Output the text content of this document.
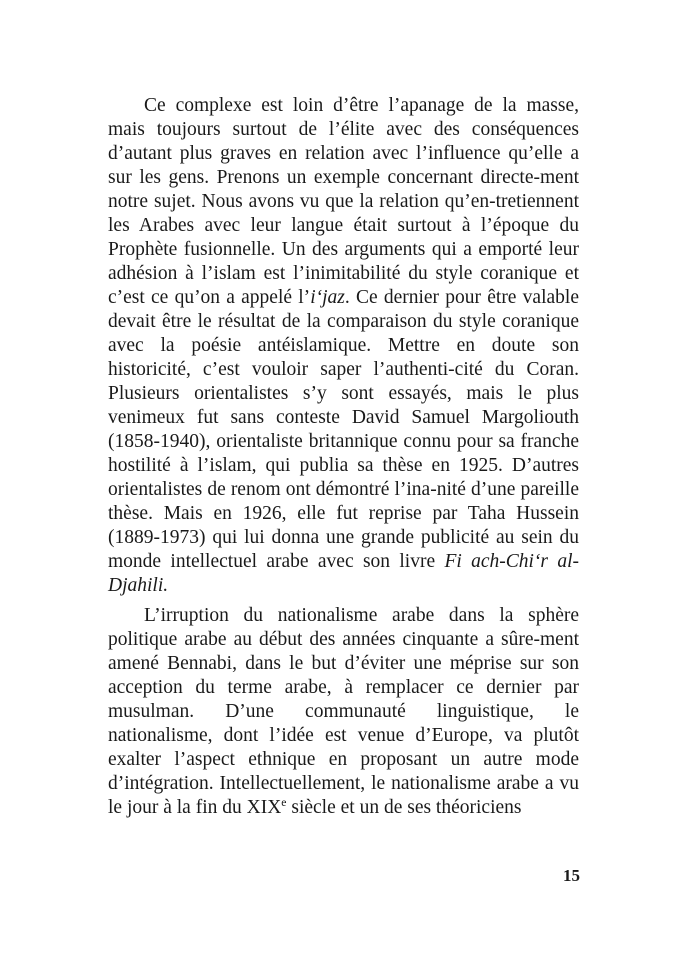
Ce complexe est loin d’être l’apanage de la masse, mais toujours surtout de l’élite avec des conséquences d’autant plus graves en relation avec l’influence qu’elle a sur les gens. Prenons un exemple concernant directe-ment notre sujet. Nous avons vu que la relation qu’en-tretiennent les Arabes avec leur langue était surtout à l’époque du Prophète fusionnelle. Un des arguments qui a emporté leur adhésion à l’islam est l’inimitabilité du style coranique et c’est ce qu’on a appelé l’i‘jaz. Ce dernier pour être valable devait être le résultat de la comparaison du style coranique avec la poésie antéislamique. Mettre en doute son historicité, c’est vouloir saper l’authenti-cité du Coran. Plusieurs orientalistes s’y sont essayés, mais le plus venimeux fut sans conteste David Samuel Margoliouth (1858-1940), orientaliste britannique connu pour sa franche hostilité à l’islam, qui publia sa thèse en 1925. D’autres orientalistes de renom ont démontré l’ina-nité d’une pareille thèse. Mais en 1926, elle fut reprise par Taha Hussein (1889-1973) qui lui donna une grande publicité au sein du monde intellectuel arabe avec son livre Fi ach-Chi‘r al-Djahili.

L’irruption du nationalisme arabe dans la sphère politique arabe au début des années cinquante a sûre-ment amené Bennabi, dans le but d’éviter une méprise sur son acception du terme arabe, à remplacer ce dernier par musulman. D’une communauté linguistique, le nationalisme, dont l’idée est venue d’Europe, va plutôt exalter l’aspect ethnique en proposant un autre mode d’intégration. Intellectuellement, le nationalisme arabe a vu le jour à la fin du XIXe siècle et un de ses théoriciens

15
